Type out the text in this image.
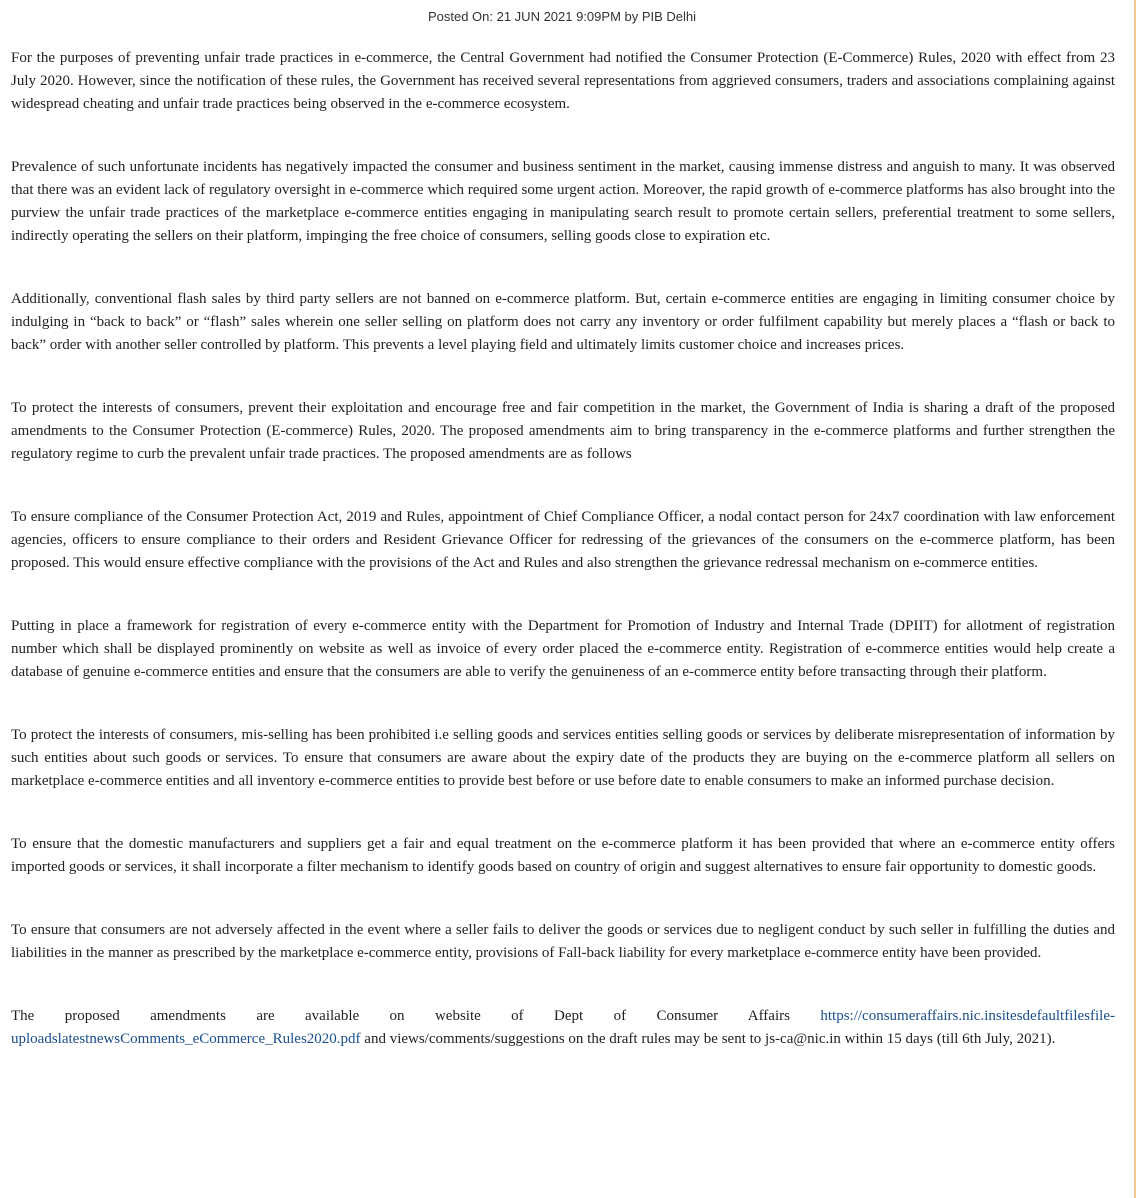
Posted On: 21 JUN 2021 9:09PM by PIB Delhi

For the purposes of preventing unfair trade practices in e-commerce, the Central Government had notified the Consumer Protection (E-Commerce) Rules, 2020 with effect from 23 July 2020. However, since the notification of these rules, the Government has received several representations from aggrieved consumers, traders and associations complaining against widespread cheating and unfair trade practices being observed in the e-commerce ecosystem.

Prevalence of such unfortunate incidents has negatively impacted the consumer and business sentiment in the market, causing immense distress and anguish to many. It was observed that there was an evident lack of regulatory oversight in e-commerce which required some urgent action. Moreover, the rapid growth of e-commerce platforms has also brought into the purview the unfair trade practices of the marketplace e-commerce entities engaging in manipulating search result to promote certain sellers, preferential treatment to some sellers, indirectly operating the sellers on their platform, impinging the free choice of consumers, selling goods close to expiration etc.

Additionally, conventional flash sales by third party sellers are not banned on e-commerce platform. But, certain e-commerce entities are engaging in limiting consumer choice by indulging in “back to back” or “flash” sales wherein one seller selling on platform does not carry any inventory or order fulfilment capability but merely places a “flash or back to back” order with another seller controlled by platform. This prevents a level playing field and ultimately limits customer choice and increases prices.

To protect the interests of consumers, prevent their exploitation and encourage free and fair competition in the market, the Government of India is sharing a draft of the proposed amendments to the Consumer Protection (E-commerce) Rules, 2020. The proposed amendments aim to bring transparency in the e-commerce platforms and further strengthen the regulatory regime to curb the prevalent unfair trade practices. The proposed amendments are as follows

To ensure compliance of the Consumer Protection Act, 2019 and Rules, appointment of Chief Compliance Officer, a nodal contact person for 24x7 coordination with law enforcement agencies, officers to ensure compliance to their orders and Resident Grievance Officer for redressing of the grievances of the consumers on the e-commerce platform, has been proposed. This would ensure effective compliance with the provisions of the Act and Rules and also strengthen the grievance redressal mechanism on e-commerce entities.

Putting in place a framework for registration of every e-commerce entity with the Department for Promotion of Industry and Internal Trade (DPIIT) for allotment of registration number which shall be displayed prominently on website as well as invoice of every order placed the e-commerce entity. Registration of e-commerce entities would help create a database of genuine e-commerce entities and ensure that the consumers are able to verify the genuineness of an e-commerce entity before transacting through their platform.

To protect the interests of consumers, mis-selling has been prohibited i.e selling goods and services entities selling goods or services by deliberate misrepresentation of information by such entities about such goods or services. To ensure that consumers are aware about the expiry date of the products they are buying on the e-commerce platform all sellers on marketplace e-commerce entities and all inventory e-commerce entities to provide best before or use before date to enable consumers to make an informed purchase decision.

To ensure that the domestic manufacturers and suppliers get a fair and equal treatment on the e-commerce platform it has been provided that where an e-commerce entity offers imported goods or services, it shall incorporate a filter mechanism to identify goods based on country of origin and suggest alternatives to ensure fair opportunity to domestic goods.

To ensure that consumers are not adversely affected in the event where a seller fails to deliver the goods or services due to negligent conduct by such seller in fulfilling the duties and liabilities in the manner as prescribed by the marketplace e-commerce entity, provisions of Fall-back liability for every marketplace e-commerce entity have been provided.

The proposed amendments are available on website of Dept of Consumer Affairs https://consumeraffairs.nic.insitesdefaultfilesfile-uploadslatestnewsComments_eCommerce_Rules2020.pdf and views/comments/suggestions on the draft rules may be sent to js-ca@nic.in within 15 days (till 6th July, 2021).
